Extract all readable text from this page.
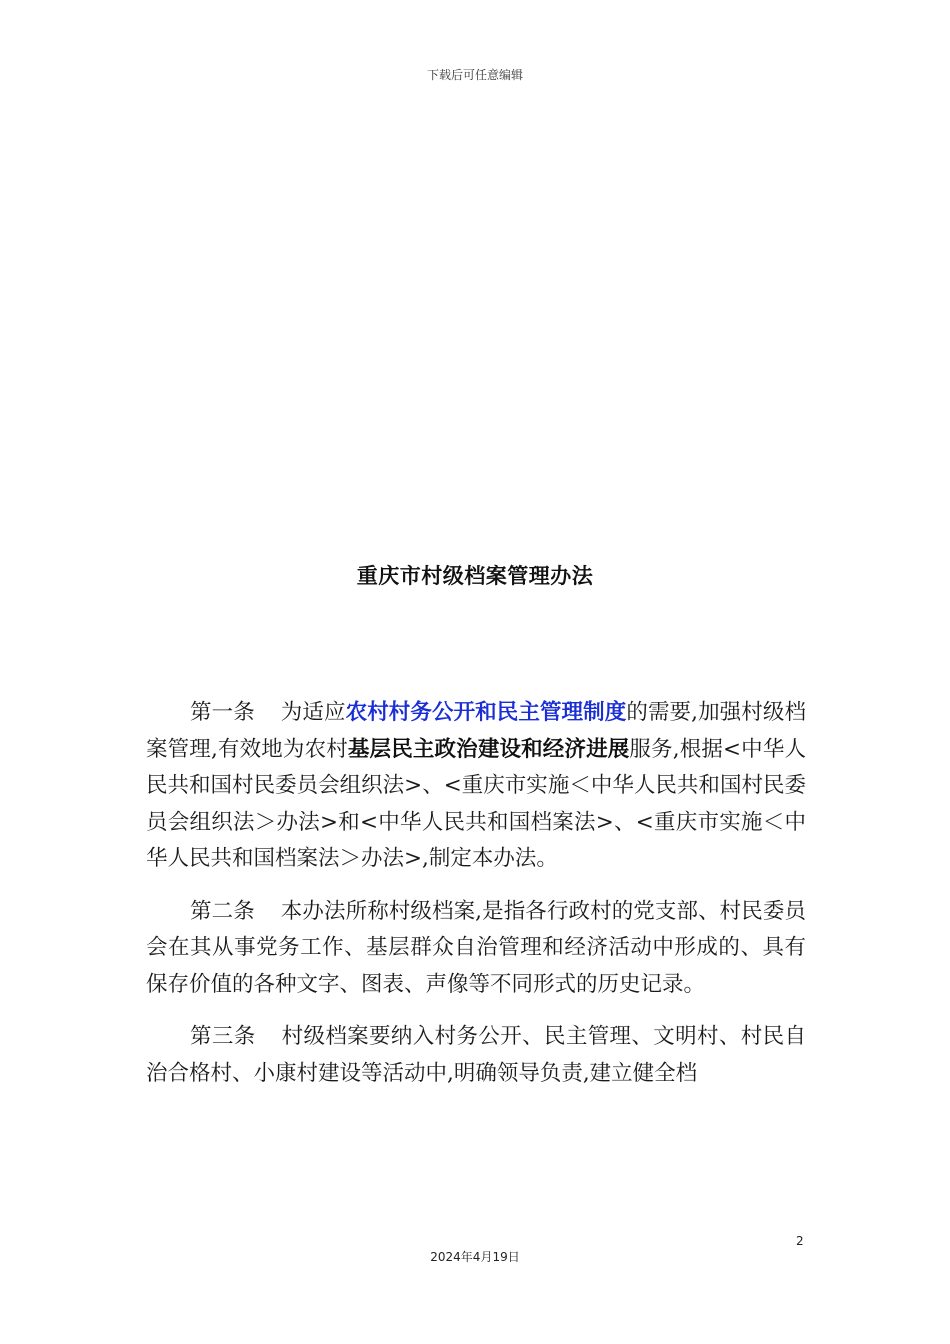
下载后可任意编辑
重庆市村级档案管理办法

第一条 为适应农村村务公开和民主管理制度的需要,加强村级档案管理,有效地为农村基层民主政治建设和经济进展服务,根据<中华人民共和国村民委员会组织法>、<重庆市实施＜中华人民共和国村民委员会组织法＞办法>和<中华人民共和国档案法>、<重庆市实施＜中华人民共和国档案法＞办法>,制定本办法。

第二条 本办法所称村级档案,是指各行政村的党支部、村民委员会在其从事党务工作、基层群众自治管理和经济活动中形成的、具有保存价值的各种文字、图表、声像等不同形式的历史记录。

第三条 村级档案要纳入村务公开、民主管理、文明村、村民自治合格村、小康村建设等活动中,明确领导负责,建立健全档

2
2024年4月19日
